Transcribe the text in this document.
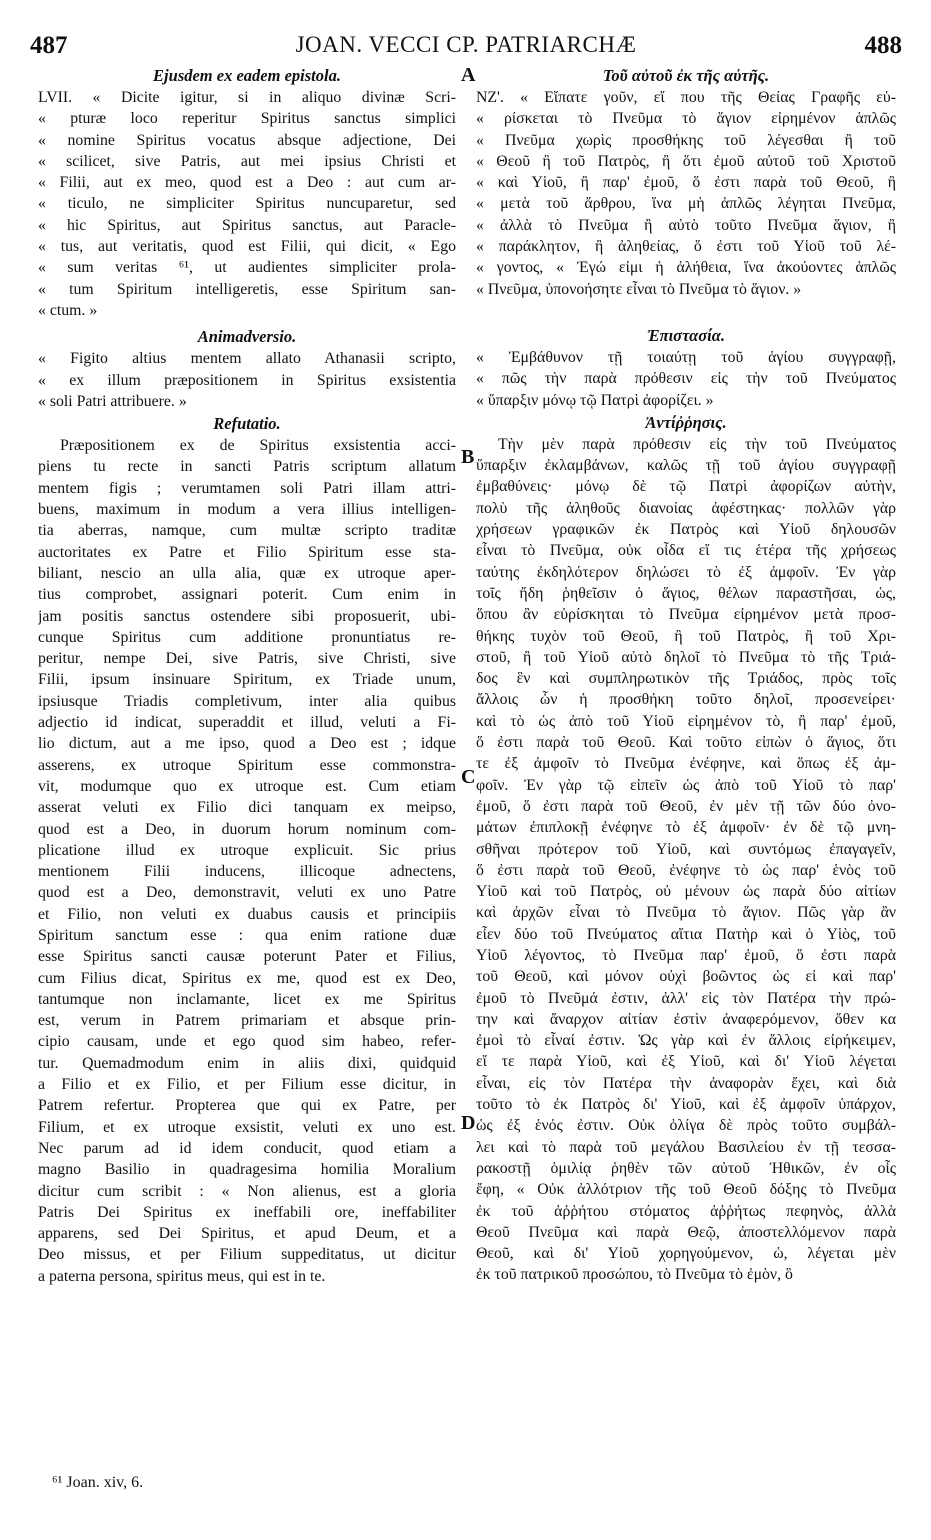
487	JOAN. VECCI CP. PATRIARCHÆ	488
A
B
C
D
Ejusdem ex eadem epistola.
LVII. « Dicite igitur, si in aliquo divinæ Scri-
« pturæ loco reperitur Spiritus sanctus simplici
« nomine Spiritus vocatus absque adjectione, Dei
« scilicet, sive Patris, aut mei ipsius Christi et
« Filii, aut ex meo, quod est a Deo : aut cum ar-
« ticulo, ne simpliciter Spiritus nuncuparetur, sed
« hic Spiritus, aut Spiritus sanctus, aut Paracle-
« tus, aut veritatis, quod est Filii, qui dicit, « Ego
« sum veritas ⁶¹, ut audientes simpliciter prola-
« tum Spiritum intelligeretis, esse Spiritum san-
« ctum. »
Animadversio.
« Figito altius mentem allato Athanasii scripto,
« ex illum præpositionem in Spiritus exsistentia
« soli Patri attribuere. »
Refutatio.
Præpositionem ex de Spiritus exsistentia acci-
piens tu recte in sancti Patris scriptum allatum
mentem figis ; verumtamen soli Patri illam attri-
buens, maximum in modum a vera illius intelligen-
tia aberras, namque, cum multæ scripto traditæ
auctoritates ex Patre et Filio Spiritum esse sta-
biliant, nescio an ulla alia, quæ ex utroque aper-
tius comprobet, assignari poterit. Cum enim in
jam positis sanctus ostendere sibi proposuerit, ubi-
cunque Spiritus cum additione pronuntiatus re-
peritur, nempe Dei, sive Patris, sive Christi, sive
Filii, ipsum insinuare Spiritum, ex Triade unum,
ipsiusque Triadis completivum, inter alia quibus
adjectio id indicat, superaddit et illud, veluti a Fi-
lio dictum, aut a me ipso, quod a Deo est ; idque
asserens, ex utroque Spiritum esse commonstra-
vit, modumque quo ex utroque est. Cum etiam
asserat veluti ex Filio dici tanquam ex meipso,
quod est a Deo, in duorum horum nominum com-
plicatione illud ex utroque explicuit. Sic prius
mentionem Filii inducens, illicoque adnectens,
quod est a Deo, demonstravit, veluti ex uno Patre
et Filio, non veluti ex duabus causis et principiis
Spiritum sanctum esse : qua enim ratione duæ
esse Spiritus sancti causæ poterunt Pater et Filius,
cum Filius dicat, Spiritus ex me, quod est ex Deo,
tantumque non inclamante, licet ex me Spiritus
est, verum in Patrem primariam et absque prin-
cipio causam, unde et ego quod sim habeo, refer-
tur. Quemadmodum enim in aliis dixi, quidquid
a Filio et ex Filio, et per Filium esse dicitur, in
Patrem refertur. Propterea que qui ex Patre, per
Filium, et ex utroque exsistit, veluti ex uno est.
Nec parum ad id idem conducit, quod etiam a
magno Basilio in quadragesima homilia Moralium
dicitur cum scribit : « Non alienus, est a gloria
Patris Dei Spiritus ex ineffabili ore, ineffabiliter
apparens, sed Dei Spiritus, et apud Deum, et a
Deo missus, et per Filium suppeditatus, ut dicitur
a paterna persona, spiritus meus, qui est in te.
Τοῦ αὐτοῦ ἐκ τῆς αὐτῆς.
ΝΖ'. « Εἴπατε γοῦν, εἴ που τῆς Θείας Γραφῆς εὑ-
« ρίσκεται τὸ Πνεῦμα τὸ ἅγιον εἰρημένον ἁπλῶς
« Πνεῦμα χωρὶς προσθήκης τοῦ λέγεσθαι ἢ τοῦ
« Θεοῦ ἢ τοῦ Πατρὸς, ἢ ὅτι ἐμοῦ αὐτοῦ τοῦ Χριστοῦ
« καὶ Υἱοῦ, ἢ παρ' ἐμοῦ, ὅ ἐστι παρὰ τοῦ Θεοῦ, ἢ
« μετὰ τοῦ ἄρθρου, ἵνα μὴ ἁπλῶς λέγηται Πνεῦμα,
« ἀλλὰ τὸ Πνεῦμα ἢ αὐτὸ τοῦτο Πνεῦμα ἅγιον, ἢ
« παράκλητον, ἢ ἀληθείας, ὅ ἐστι τοῦ Υἱοῦ τοῦ λέ-
« γοντος, « Ἐγώ εἰμι ἡ ἀλήθεια, ἵνα ἀκούοντες ἁπλῶς
« Πνεῦμα, ὑπονοήσητε εἶναι τὸ Πνεῦμα τὸ ἅγιον. »
Ἐπιστασία.
« Ἐμβάθυνον τῇ τοιαύτῃ τοῦ ἁγίου συγγραφῇ,
« πῶς τὴν παρὰ πρόθεσιν εἰς τὴν τοῦ Πνεύματος
« ὕπαρξιν μόνῳ τῷ Πατρὶ ἀφορίζει. »
Ἀντίῤῥησις.
Τὴν μὲν παρὰ πρόθεσιν εἰς τὴν τοῦ Πνεύματος
ὕπαρξιν ἐκλαμβάνων, καλῶς τῇ τοῦ ἁγίου συγγραφῇ
ἐμβαθύνεις· μόνῳ δὲ τῷ Πατρὶ ἀφορίζων αὐτὴν,
πολὺ τῆς ἀληθοῦς διανοίας ἀφέστηκας· πολλῶν γὰρ
χρήσεων γραφικῶν ἐκ Πατρὸς καὶ Υἱοῦ δηλουσῶν
εἶναι τὸ Πνεῦμα, οὐκ οἶδα εἴ τις ἑτέρα τῆς χρήσεως
ταύτης ἐκδηλότερον δηλώσει τὸ ἐξ ἀμφοῖν. Ἐν γὰρ
τοῖς ἤδη ῥηθεῖσιν ὁ ἅγιος, θέλων παραστῆσαι, ὡς,
ὅπου ἂν εὑρίσκηται τὸ Πνεῦμα εἰρημένον μετὰ προσ-
θήκης τυχὸν τοῦ Θεοῦ, ἢ τοῦ Πατρὸς, ἢ τοῦ Χρι-
στοῦ, ἢ τοῦ Υἱοῦ αὐτὸ δηλοῖ τὸ Πνεῦμα τὸ τῆς Τριά-
δος ἓν καὶ συμπληρωτικὸν τῆς Τριάδος, πρὸς τοῖς
ἄλλοις ὧν ἡ προσθήκη τοῦτο δηλοῖ, προσενείρει·
καὶ τὸ ὡς ἀπὸ τοῦ Υἱοῦ εἰρημένον τὸ, ἢ παρ' ἐμοῦ,
ὅ ἐστι παρὰ τοῦ Θεοῦ. Καὶ τοῦτο εἰπὼν ὁ ἅγιος, ὅτι
τε ἐξ ἀμφοῖν τὸ Πνεῦμα ἐνέφηνε, καὶ ὅπως ἐξ ἀμ-
φοῖν. Ἐν γὰρ τῷ εἰπεῖν ὡς ἀπὸ τοῦ Υἱοῦ τὸ παρ'
ἐμοῦ, ὅ ἐστι παρὰ τοῦ Θεοῦ, ἐν μὲν τῇ τῶν δύο ὀνο-
μάτων ἐπιπλοκῇ ἐνέφηνε τὸ ἐξ ἀμφοῖν· ἐν δὲ τῷ μνη-
σθῆναι πρότερον τοῦ Υἱοῦ, καὶ συντόμως ἐπαγαγεῖν,
ὅ ἐστι παρὰ τοῦ Θεοῦ, ἐνέφηνε τὸ ὡς παρ' ἑνὸς τοῦ
Υἱοῦ καὶ τοῦ Πατρὸς, οὐ μένουν ὡς παρὰ δύο αἰτίων
καὶ ἀρχῶν εἶναι τὸ Πνεῦμα τὸ ἅγιον. Πῶς γὰρ ἂν
εἶεν δύο τοῦ Πνεύματος αἴτια Πατὴρ καὶ ὁ Υἱὸς, τοῦ
Υἱοῦ λέγοντος, τὸ Πνεῦμα παρ' ἐμοῦ, ὅ ἐστι παρὰ
τοῦ Θεοῦ, καὶ μόνον οὐχὶ βοῶντος ὡς εἰ καὶ παρ'
ἐμοῦ τὸ Πνεῦμά ἐστιν, ἀλλ' εἰς τὸν Πατέρα τὴν πρώ-
την καὶ ἄναρχον αἰτίαν ἐστὶν ἀναφερόμενον, ὅθεν κα
ἐμοὶ τὸ εἶναί ἐστιν. Ὡς γὰρ καὶ ἐν ἄλλοις εἰρήκειμεν,
εἴ τε παρὰ Υἱοῦ, καὶ ἐξ Υἱοῦ, καὶ δι' Υἱοῦ λέγεται
εἶναι, εἰς τὸν Πατέρα τὴν ἀναφορὰν ἔχει, καὶ διὰ
τοῦτο τὸ ἐκ Πατρὸς δι' Υἱοῦ, καὶ ἐξ ἀμφοῖν ὑπάρχον,
ὡς ἐξ ἑνός ἐστιν. Οὐκ ὀλίγα δὲ πρὸς τοῦτο συμβάλ-
λει καὶ τὸ παρὰ τοῦ μεγάλου Βασιλείου ἐν τῇ τεσσα-
ρακοστῇ ὁμιλίᾳ ῥηθὲν τῶν αὐτοῦ Ἠθικῶν, ἐν οἷς
ἔφη, « Οὐκ ἀλλότριον τῆς τοῦ Θεοῦ δόξης τὸ Πνεῦμα
ἐκ τοῦ ἀῤῥήτου στόματος ἀῤῥήτως πεφηνὸς, ἀλλὰ
Θεοῦ Πνεῦμα καὶ παρὰ Θεῷ, ἀποστελλόμενον παρὰ
Θεοῦ, καὶ δι' Υἱοῦ χορηγούμενον, ὡ, λέγεται μὲν
ἐκ τοῦ πατρικοῦ προσώπου, τὸ Πνεῦμα τὸ ἐμὸν, ὃ
⁶¹ Joan. xiv, 6.
